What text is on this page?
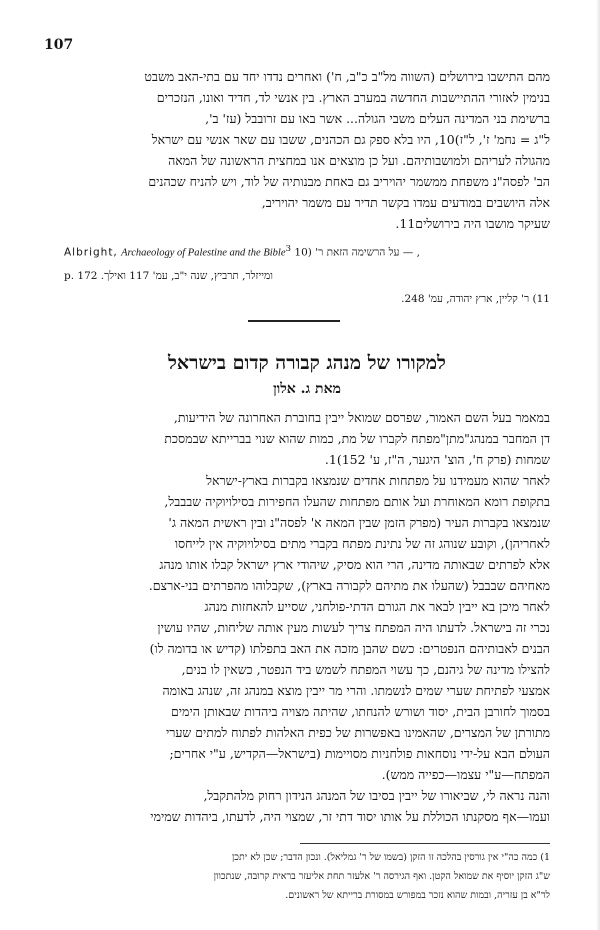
107
מהם התישבו בירושלים (השווה מל"ב כ"ב, ח') ואחרים נדדו יחד עם בתי-האב משבט
בנימין לאזורי ההתיישבות החדשה במערב הארץ. בין אנשי לד, חדיד ואונו, הנזכרים
ברשימת בני המדינה העלים משבי הגולה... אשר באו עם זרובבל (עז' ב',
ל"ג = נחמ' ז', ל"ז)10, היו בלא ספק גם הכהנים, ששבו עם שאר אנשי עם ישראל
מהגולה לעריהם ולמושבותיהם. ועל כן מוצאים אנו במחצית הראשונה של המאה
הב' לפסה"נ משפחת ממשמר יהויריב גם באחת מבנותיה של לוד, ויש להניח שכהנים
אלה היושבים במודעים עמדו בקשר תדיר עם משמר יהויריב,
שעיקר מושבו היה בירושלים11.
Albright, Archaeology of Palestine and the Bible$^3$ , — על הרשימה הזאת ר' (10
p. 172 ומייזלר, תרביץ, שנה י"ב, עמ' 117 ואילך.
11) ר' קליין, ארץ יהודה, עמ' 248.
למקורו של מנהג קבורה קדום בישראל
מאת ג. אלון
במאמר בעל השם האמור, שפרסם שמואל ייבין בחוברת האחרונה של הידיעות,
דן המחבר במנהג"מתן"מפתח לקברו של מת, כמות שהוא שנוי בברייתא שבמסכת
שמחות (פרק ח', הוצ' היגער, ה"ז, ע' 152)1.
לאחר שהוא מעמידנו על מפתחות אחדים שנמצאו בקברות בארץ-ישראל
בתקופת רומא המאוחרת ועל אותם מפתחות שהעלו החפירות בסילויוקיה שבבבל,
שנמצאו בקברות העיר (מפרק הזמן שבין המאה א' לפסה"נ ובין ראשית המאה ג'
לאחריהן), וקובע שנוהג זה של נתינת מפתח בקברי מתים בסילויוקיה אין לייחסו
אלא לפרתים שבאותה מדינה, הרי הוא מסיק, שיהודי ארץ ישראל קבלו אותו מנהג
מאחיהם שבבבל (שהעלו את מתיהם לקבורה בארץ), שקבלוהו מהפרתים בני-ארצם.
לאחר מיכן בא ייבין לבאר את הגורם הדתי-פולחני, שסייע להאחזות מנהג
נכרי זה בישראל. לדעתו היה המפתח צריך לעשות מעין אותה שליחות, שהיו עושין
הבנים לאבותיהם הנפטרים: כשם שהבן מזכה את האב בתפלתו (קדיש או בדומה לו)
להצילו מדינה של גיהנם, כך עשוי המפתח לשמש ביד הנפטר, כשאין לו בנים,
אמצעי לפתיחת שערי שמים לנשמתו. והרי מר ייבין מוצא במנהג זה, שנהג באומה
בסמוך לחורבן הבית, יסוד ושורש להנחתו, שהיתה מצויה ביהדות שבאותן הימים
מתורתן של המצרים, שהאמינו באפשרות של כפית האלהות לפתוח למתים שערי
העולם הבא על-ידי נוסחאות פולחניות מסויימות (בישראל—הקדיש, ע"י אחרים;
המפתח—ע"י עצמו—כפייה ממש).
והנה נראה לי, שביאורו של ייבין בסיבו של המנהג הנידון רחוק מלהתקבל,
ועמו—אף מסקנתו הכוללת על אותו יסוד דתי זר, שמצוי היה, לדעתו, ביהדות שמימי
1) כמה כה"י אין גורסין בהלכה זו הזקן (בשמו של ר' גמליאל). ונכון הדבר; שכן לא יתכן
ש"ג הזקן יוסיף את שמואל הקטן. ואף הגירסה ר' אלעזר תחת אליעזר בראית קרובה, שנתכוון
לר"א בן עזריה, ובמות שהוא נזכר במפורש במסורת ברייתא של ראשונים.
